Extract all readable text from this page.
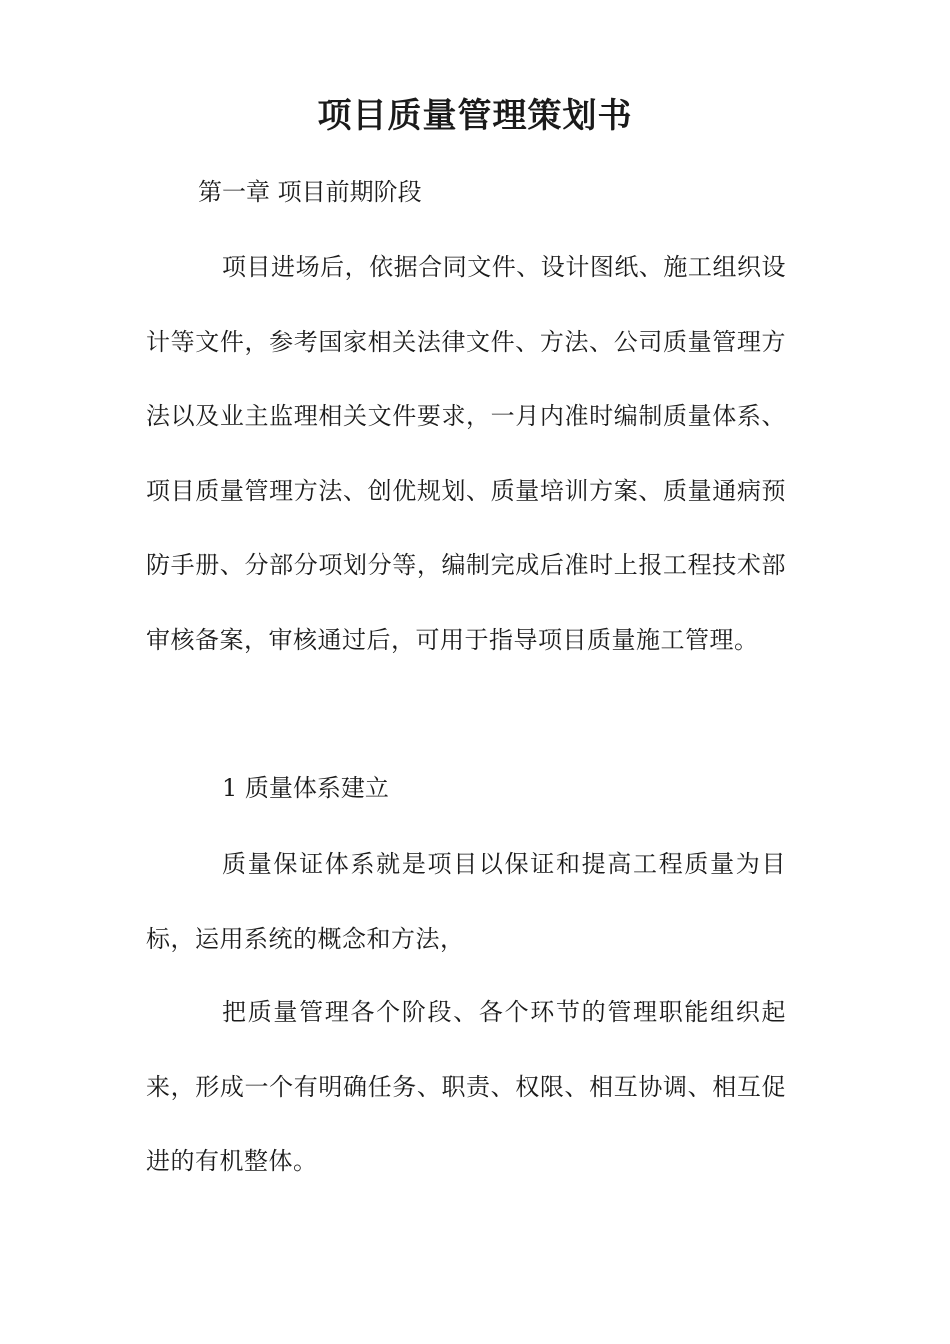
项目质量管理策划书
第一章 项目前期阶段
项目进场后，依据合同文件、设计图纸、施工组织设计等文件，参考国家相关法律文件、方法、公司质量管理方法以及业主监理相关文件要求，一月内准时编制质量体系、项目质量管理方法、创优规划、质量培训方案、质量通病预防手册、分部分项划分等，编制完成后准时上报工程技术部审核备案，审核通过后，可用于指导项目质量施工管理。
1 质量体系建立
质量保证体系就是项目以保证和提高工程质量为目标，运用系统的概念和方法，
把质量管理各个阶段、各个环节的管理职能组织起来，形成一个有明确任务、职责、权限、相互协调、相互促进的有机整体。
